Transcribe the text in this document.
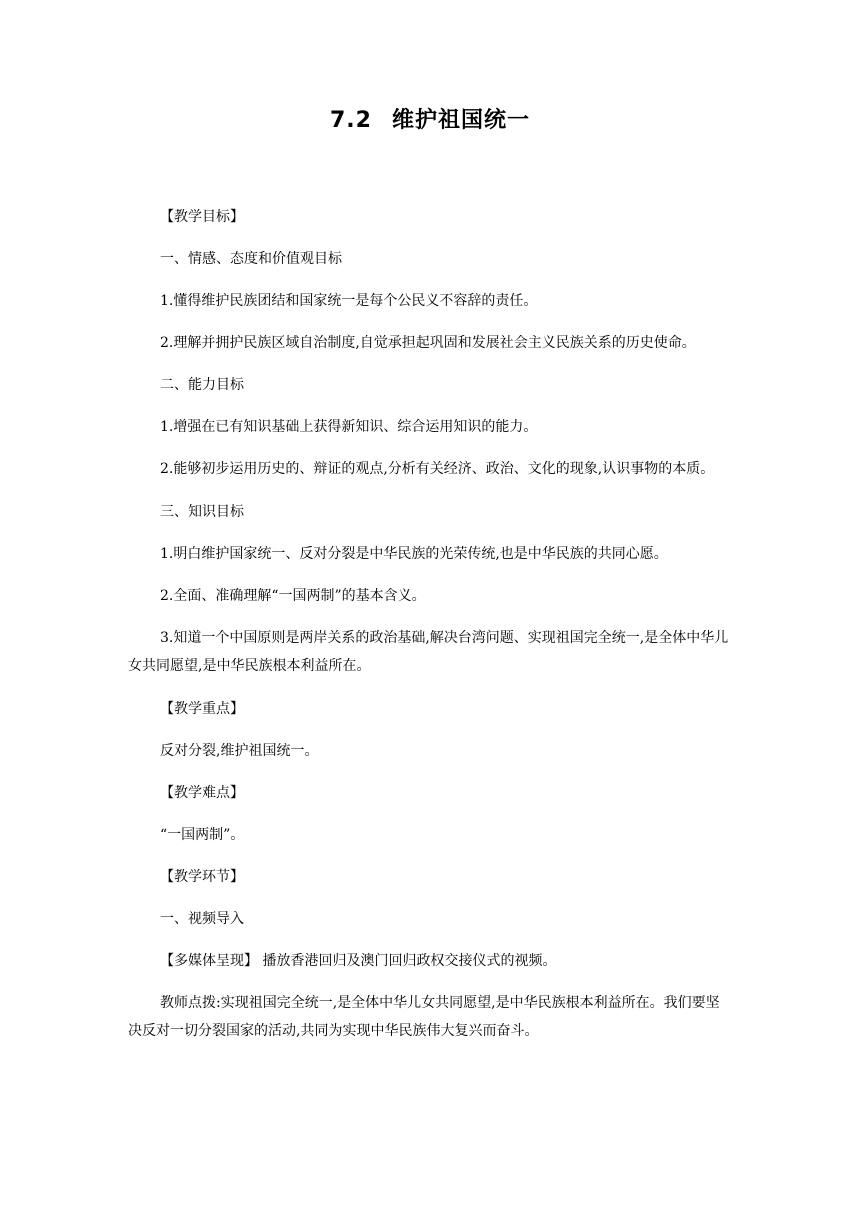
7.2 维护祖国统一

【教学目标】

一、情感、态度和价值观目标

1.懂得维护民族团结和国家统一是每个公民义不容辞的责任。

2.理解并拥护民族区域自治制度,自觉承担起巩固和发展社会主义民族关系的历史使命。

二、能力目标

1.增强在已有知识基础上获得新知识、综合运用知识的能力。

2.能够初步运用历史的、辩证的观点,分析有关经济、政治、文化的现象,认识事物的本质。

三、知识目标

1.明白维护国家统一、反对分裂是中华民族的光荣传统,也是中华民族的共同心愿。

2.全面、准确理解“一国两制”的基本含义。

3.知道一个中国原则是两岸关系的政治基础,解决台湾问题、实现祖国完全统一,是全体中华儿女共同愿望,是中华民族根本利益所在。

【教学重点】

反对分裂,维护祖国统一。

【教学难点】

“一国两制”。

【教学环节】

一、视频导入

【多媒体呈现】 播放香港回归及澳门回归政权交接仪式的视频。

教师点拨:实现祖国完全统一,是全体中华儿女共同愿望,是中华民族根本利益所在。我们要坚决反对一切分裂国家的活动,共同为实现中华民族伟大复兴而奋斗。
